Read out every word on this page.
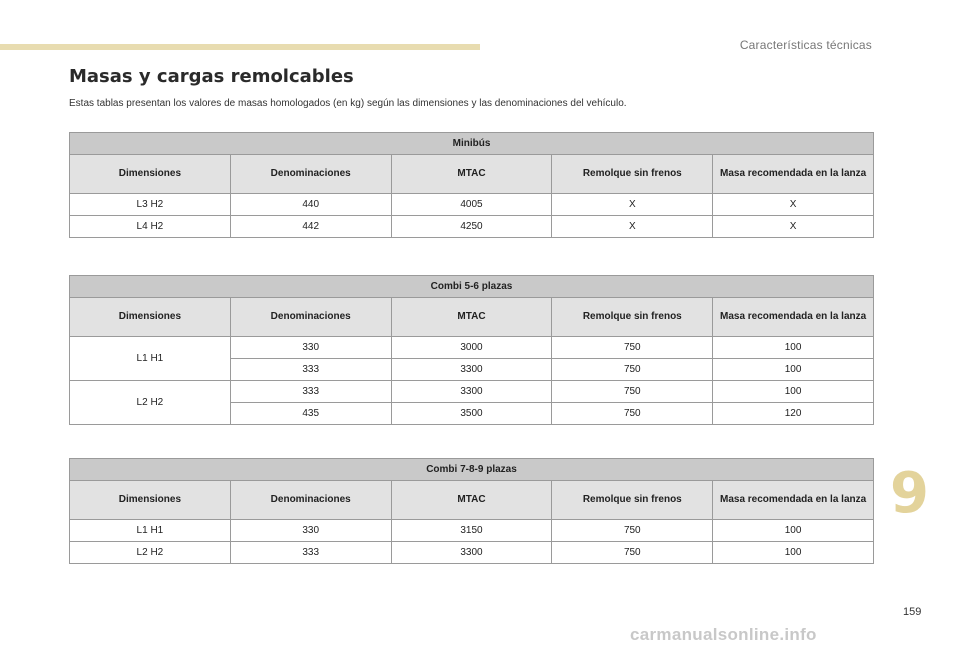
Características técnicas
Masas y cargas remolcables

Estas tablas presentan los valores de masas homologados (en kg) según las dimensiones y las denominaciones del vehículo.

Minibús				
Dimensiones	Denominaciones	MTAC	Remolque sin frenos	Masa recomendada en la lanza
L3 H2	440	4005	X	X
L4 H2	442	4250	X	X
Combi 5-6 plazas				
Dimensiones	Denominaciones	MTAC	Remolque sin frenos	Masa recomendada en la lanza
L1 H1	330	3000	750	100
	333	3300	750	100
L2 H2	333	3300	750	100
	435	3500	750	120
Combi 7-8-9 plazas				
Dimensiones	Denominaciones	MTAC	Remolque sin frenos	Masa recomendada en la lanza
L1 H1	330	3150	750	100
L2 H2	333	3300	750	100
9
159
carmanualsonline.info
